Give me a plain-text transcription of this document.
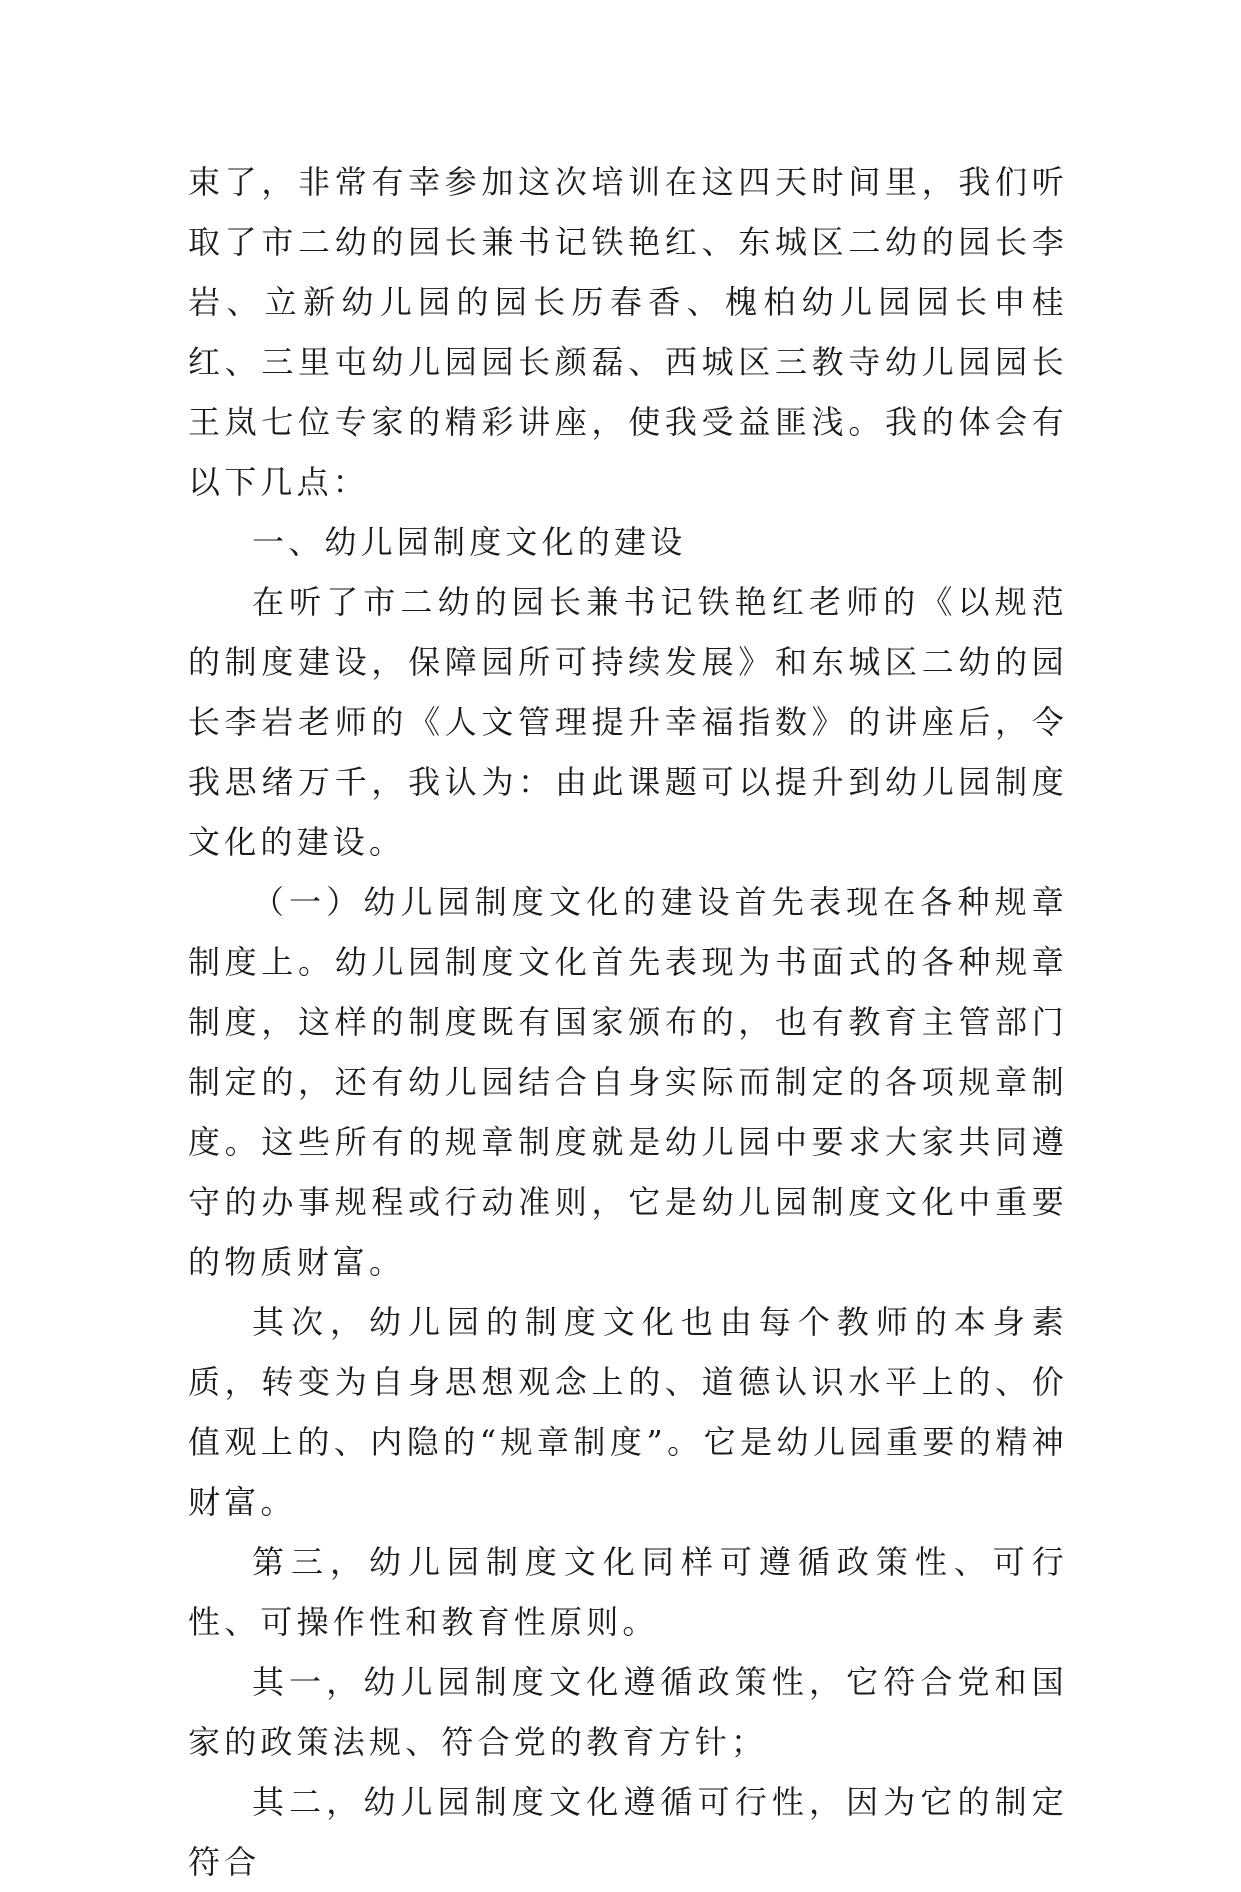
束了，非常有幸参加这次培训在这四天时间里，我们听取了市二幼的园长兼书记铁艳红、东城区二幼的园长李岩、立新幼儿园的园长历春香、槐柏幼儿园园长申桂红、三里屯幼儿园园长颜磊、西城区三教寺幼儿园园长王岚七位专家的精彩讲座，使我受益匪浅。我的体会有以下几点：

一、幼儿园制度文化的建设

在听了市二幼的园长兼书记铁艳红老师的《以规范的制度建设，保障园所可持续发展》和东城区二幼的园长李岩老师的《人文管理提升幸福指数》的讲座后，令我思绪万千，我认为：由此课题可以提升到幼儿园制度文化的建设。

（一）幼儿园制度文化的建设首先表现在各种规章制度上。幼儿园制度文化首先表现为书面式的各种规章制度，这样的制度既有国家颁布的，也有教育主管部门制定的，还有幼儿园结合自身实际而制定的各项规章制度。这些所有的规章制度就是幼儿园中要求大家共同遵守的办事规程或行动准则，它是幼儿园制度文化中重要的物质财富。

其次，幼儿园的制度文化也由每个教师的本身素质，转变为自身思想观念上的、道德认识水平上的、价值观上的、内隐的“规章制度”。它是幼儿园重要的精神财富。

第三，幼儿园制度文化同样可遵循政策性、可行性、可操作性和教育性原则。

其一，幼儿园制度文化遵循政策性，它符合党和国家的政策法规、符合党的教育方针；

其二，幼儿园制度文化遵循可行性，因为它的制定符合
